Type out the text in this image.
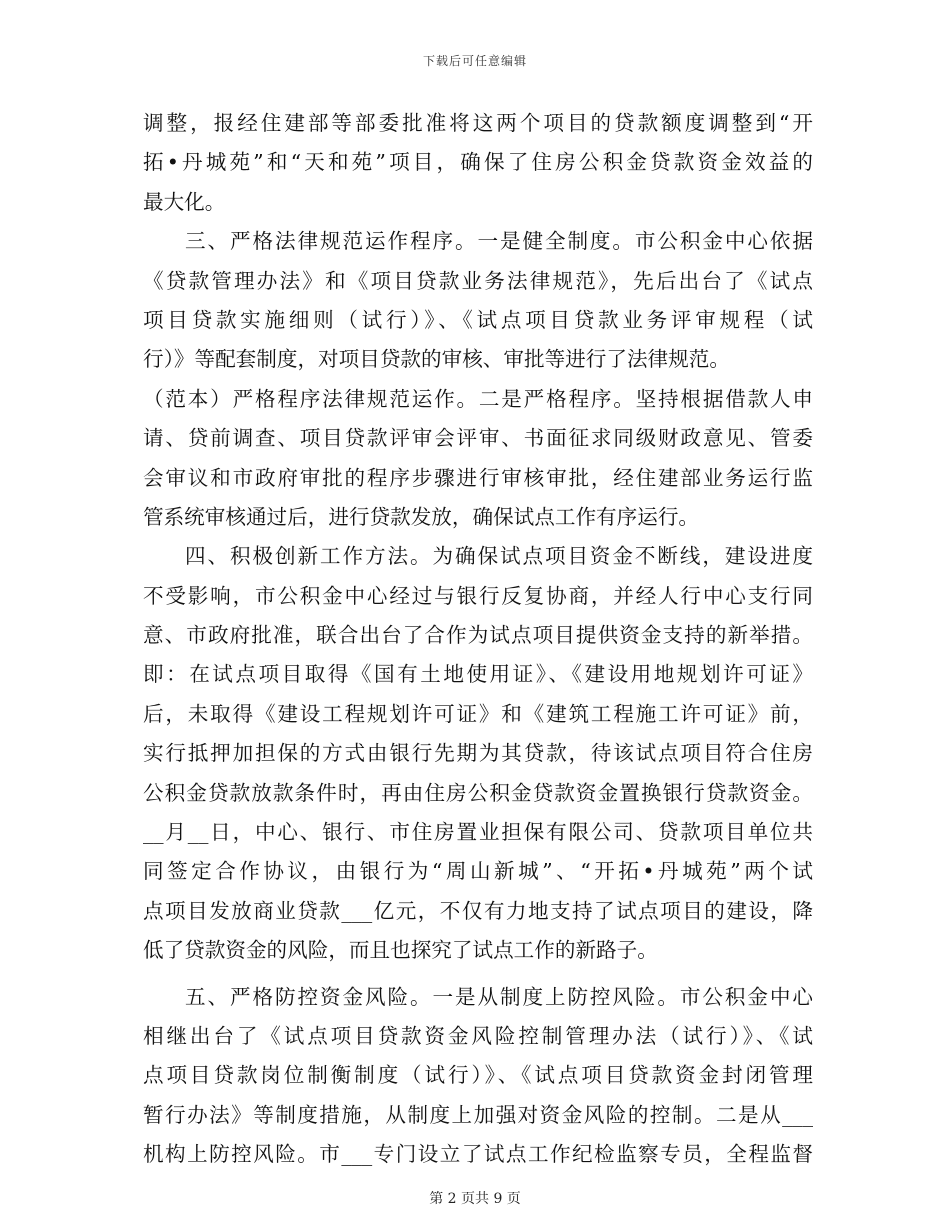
下载后可任意编辑
调整，报经住建部等部委批准将这两个项目的贷款额度调整到“开
拓•丹城苑”和“天和苑”项目，确保了住房公积金贷款资金效益的
最大化。
三、严格法律规范运作程序。一是健全制度。市公积金中心依据
《贷款管理办法》和《项目贷款业务法律规范》，先后出台了《试点
项目贷款实施细则（试行）》、《试点项目贷款业务评审规程（试
行）》等配套制度，对项目贷款的审核、审批等进行了法律规范。
（范本）严格程序法律规范运作。二是严格程序。坚持根据借款人申
请、贷前调查、项目贷款评审会评审、书面征求同级财政意见、管委
会审议和市政府审批的程序步骤进行审核审批，经住建部业务运行监
管系统审核通过后，进行贷款发放，确保试点工作有序运行。
四、积极创新工作方法。为确保试点项目资金不断线，建设进度
不受影响，市公积金中心经过与银行反复协商，并经人行中心支行同
意、市政府批准，联合出台了合作为试点项目提供资金支持的新举措。
即：在试点项目取得《国有土地使用证》、《建设用地规划许可证》
后，未取得《建设工程规划许可证》和《建筑工程施工许可证》前，
实行抵押加担保的方式由银行先期为其贷款，待该试点项目符合住房
公积金贷款放款条件时，再由住房公积金贷款资金置换银行贷款资金。
__月__日，中心、银行、市住房置业担保有限公司、贷款项目单位共
同签定合作协议，由银行为“周山新城”、“开拓•丹城苑”两个试
点项目发放商业贷款___亿元，不仅有力地支持了试点项目的建设，降
低了贷款资金的风险，而且也探究了试点工作的新路子。
五、严格防控资金风险。一是从制度上防控风险。市公积金中心
相继出台了《试点项目贷款资金风险控制管理办法（试行）》、《试
点项目贷款岗位制衡制度（试行）》、《试点项目贷款资金封闭管理
暂行办法》等制度措施，从制度上加强对资金风险的控制。二是从___
机构上防控风险。市___专门设立了试点工作纪检监察专员，全程监督
第 2 页共 9 页
